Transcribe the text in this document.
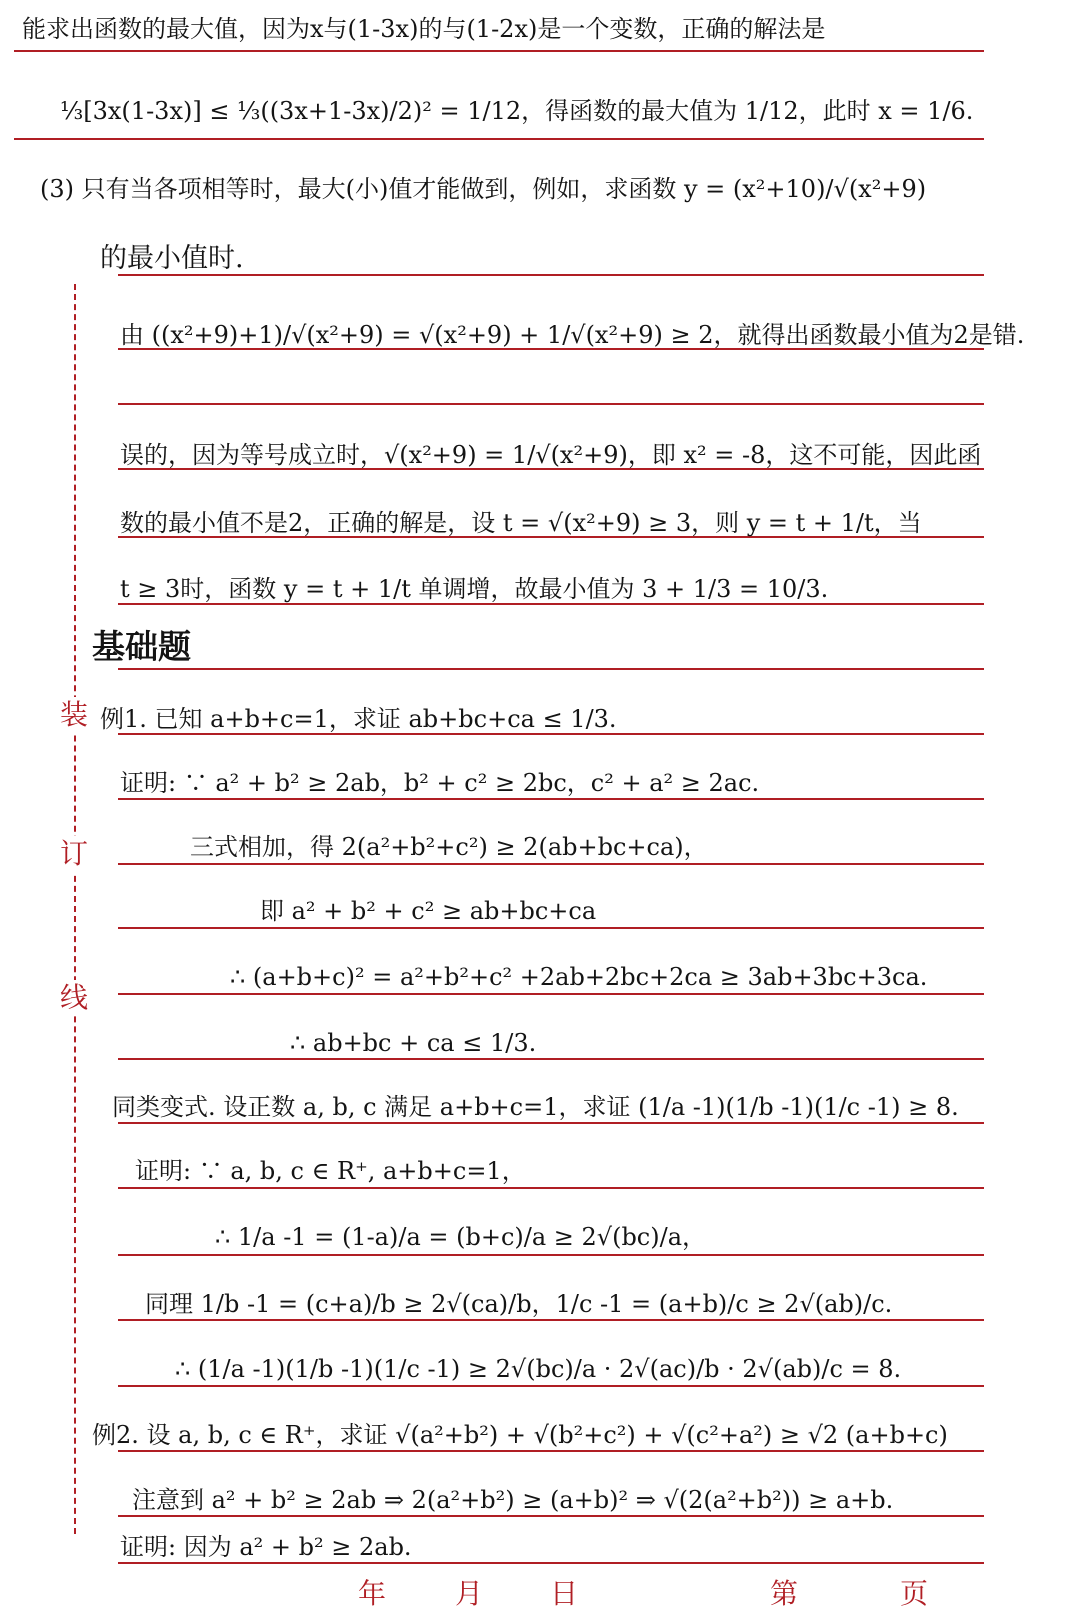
装
订
线
能求出函数的最大值，因为x与(1-3x)的与(1-2x)是一个变数，正确的解法是
⅓[3x(1-3x)] ≤ ⅓((3x+1-3x)/2)² = 1/12，得函数的最大值为 1/12，此时 x = 1/6.
(3) 只有当各项相等时，最大(小)值才能做到，例如，求函数 y = (x²+10)/√(x²+9)
的最小值时.
由 ((x²+9)+1)/√(x²+9) = √(x²+9) + 1/√(x²+9) ≥ 2，就得出函数最小值为2是错.
误的，因为等号成立时，√(x²+9) = 1/√(x²+9)，即 x² = -8，这不可能，因此函
数的最小值不是2，正确的解是，设 t = √(x²+9) ≥ 3，则 y = t + 1/t，当
t ≥ 3时，函数 y = t + 1/t 单调增，故最小值为 3 + 1/3 = 10/3.
基础题
例1. 已知 a+b+c=1，求证 ab+bc+ca ≤ 1/3.
证明: ∵ a² + b² ≥ 2ab，b² + c² ≥ 2bc，c² + a² ≥ 2ac.
三式相加，得 2(a²+b²+c²) ≥ 2(ab+bc+ca)，
即 a² + b² + c² ≥ ab+bc+ca
∴ (a+b+c)² = a²+b²+c² +2ab+2bc+2ca ≥ 3ab+3bc+3ca.
∴ ab+bc + ca ≤ 1/3.
同类变式. 设正数 a, b, c 满足 a+b+c=1，求证 (1/a -1)(1/b -1)(1/c -1) ≥ 8.
证明: ∵ a, b, c ∈ R⁺, a+b+c=1，
∴ 1/a -1 = (1-a)/a = (b+c)/a ≥ 2√(bc)/a，
同理 1/b -1 = (c+a)/b ≥ 2√(ca)/b，1/c -1 = (a+b)/c ≥ 2√(ab)/c.
∴ (1/a -1)(1/b -1)(1/c -1) ≥ 2√(bc)/a · 2√(ac)/b · 2√(ab)/c = 8.
例2. 设 a, b, c ∈ R⁺，求证 √(a²+b²) + √(b²+c²) + √(c²+a²) ≥ √2 (a+b+c)
注意到 a² + b² ≥ 2ab ⇒ 2(a²+b²) ≥ (a+b)² ⇒ √(2(a²+b²)) ≥ a+b.
证明: 因为 a² + b² ≥ 2ab.
年 月 日	第	页
